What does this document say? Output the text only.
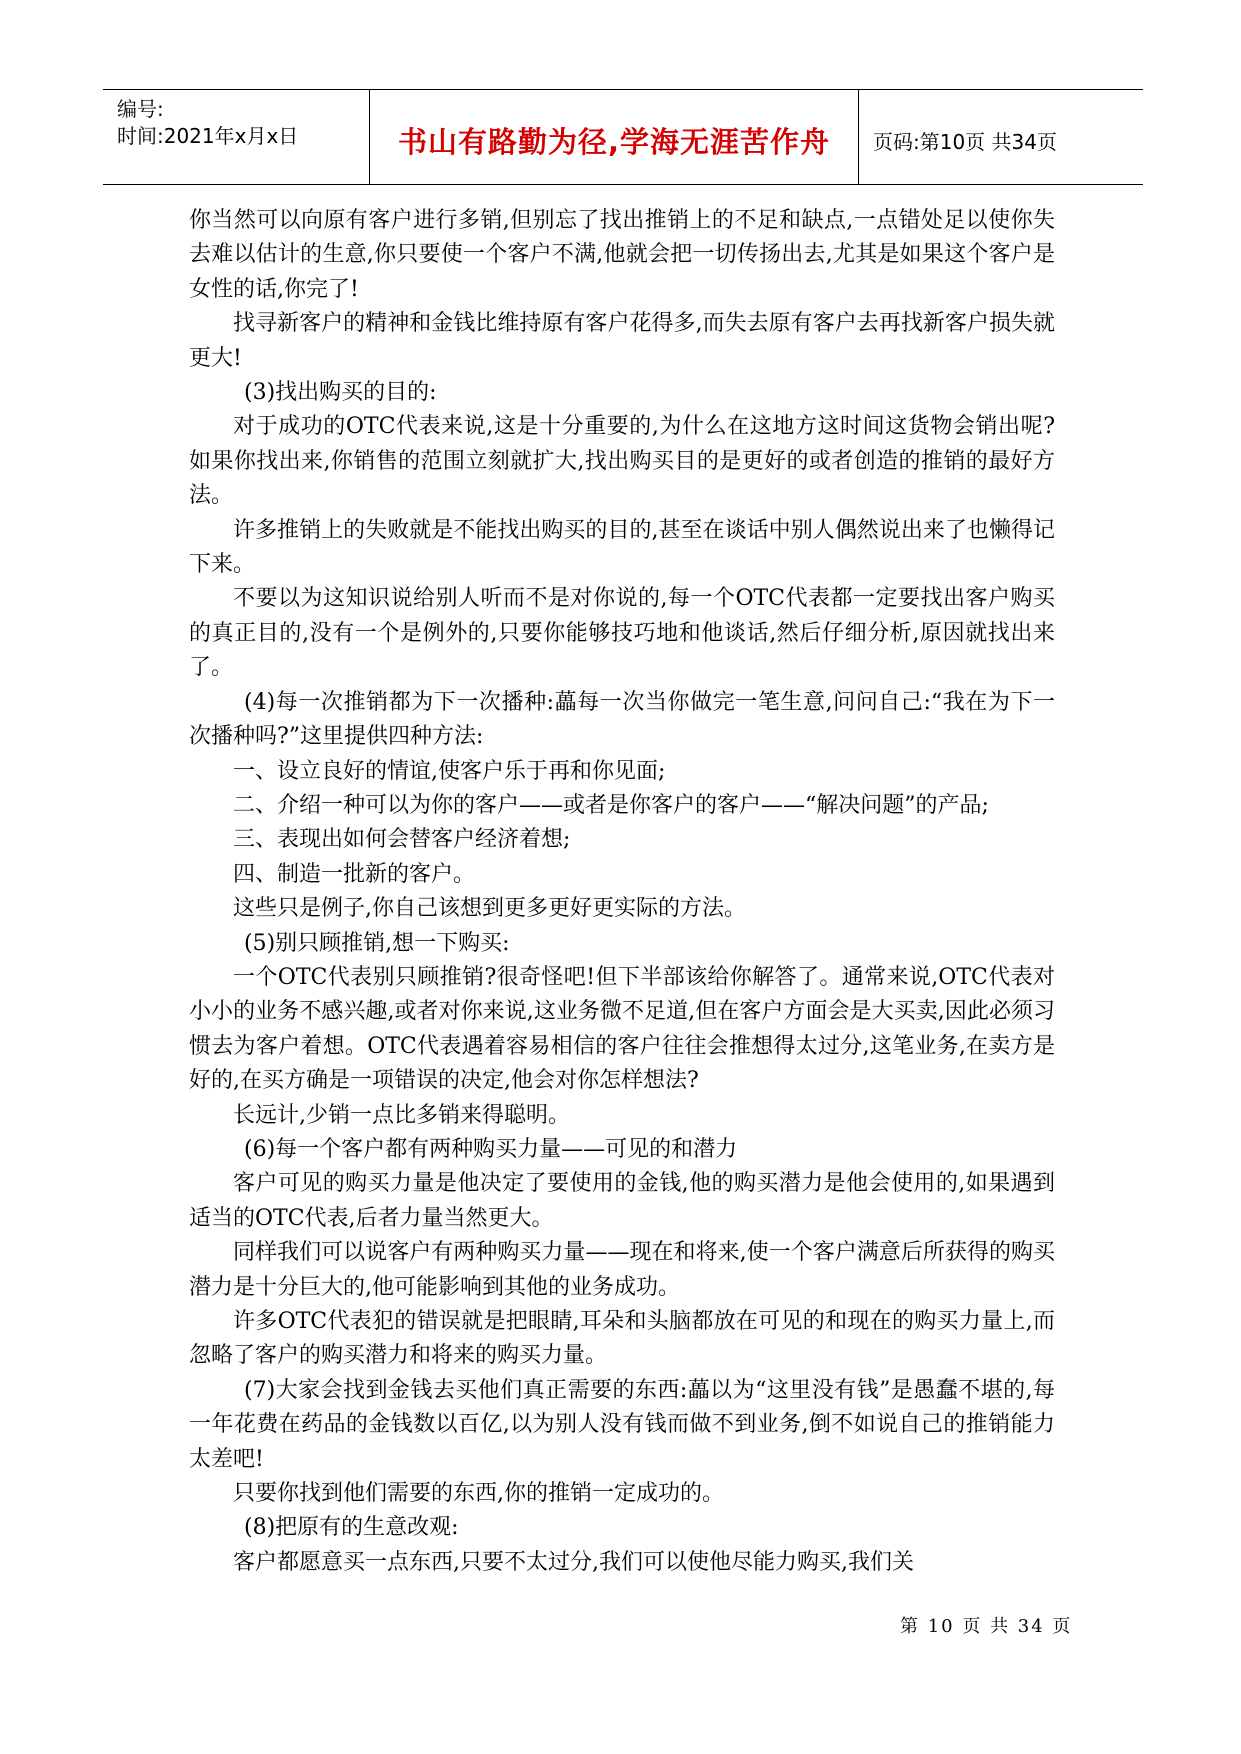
编号:
时间:2021年x月x日	书山有路勤为径,学海无涯苦作舟	页码:第10页 共34页

你当然可以向原有客户进行多销,但别忘了找出推销上的不足和缺点,一点错处足以使你失去难以估计的生意,你只要使一个客户不满,他就会把一切传扬出去,尤其是如果这个客户是女性的话,你完了!

找寻新客户的精神和金钱比维持原有客户花得多,而失去原有客户去再找新客户损失就更大!

(3)找出购买的目的:

对于成功的OTC代表来说,这是十分重要的,为什么在这地方这时间这货物会销出呢?如果你找出来,你销售的范围立刻就扩大,找出购买目的是更好的或者创造的推销的最好方法。

许多推销上的失败就是不能找出购买的目的,甚至在谈话中别人偶然说出来了也懒得记下来。

不要以为这知识说给别人听而不是对你说的,每一个OTC代表都一定要找出客户购买的真正目的,没有一个是例外的,只要你能够技巧地和他谈话,然后仔细分析,原因就找出来了。

(4)每一次推销都为下一次播种:藟每一次当你做完一笔生意,问问自己:“我在为下一次播种吗?”这里提供四种方法:

一、设立良好的情谊,使客户乐于再和你见面;

二、介绍一种可以为你的客户——或者是你客户的客户——“解决问题”的产品;

三、表现出如何会替客户经济着想;

四、制造一批新的客户。

这些只是例子,你自己该想到更多更好更实际的方法。

(5)别只顾推销,想一下购买:

一个OTC代表别只顾推销?很奇怪吧!但下半部该给你解答了。通常来说,OTC代表对小小的业务不感兴趣,或者对你来说,这业务微不足道,但在客户方面会是大买卖,因此必须习惯去为客户着想。OTC代表遇着容易相信的客户往往会推想得太过分,这笔业务,在卖方是好的,在买方确是一项错误的决定,他会对你怎样想法?

长远计,少销一点比多销来得聪明。

(6)每一个客户都有两种购买力量——可见的和潜力

客户可见的购买力量是他决定了要使用的金钱,他的购买潜力是他会使用的,如果遇到适当的OTC代表,后者力量当然更大。

同样我们可以说客户有两种购买力量——现在和将来,使一个客户满意后所获得的购买潜力是十分巨大的,他可能影响到其他的业务成功。

许多OTC代表犯的错误就是把眼睛,耳朵和头脑都放在可见的和现在的购买力量上,而忽略了客户的购买潜力和将来的购买力量。

(7)大家会找到金钱去买他们真正需要的东西:藟以为“这里没有钱”是愚蠢不堪的,每一年花费在药品的金钱数以百亿,以为别人没有钱而做不到业务,倒不如说自己的推销能力太差吧!

只要你找到他们需要的东西,你的推销一定成功的。

(8)把原有的生意改观:

客户都愿意买一点东西,只要不太过分,我们可以使他尽能力购买,我们关

第 10 页 共 34 页
